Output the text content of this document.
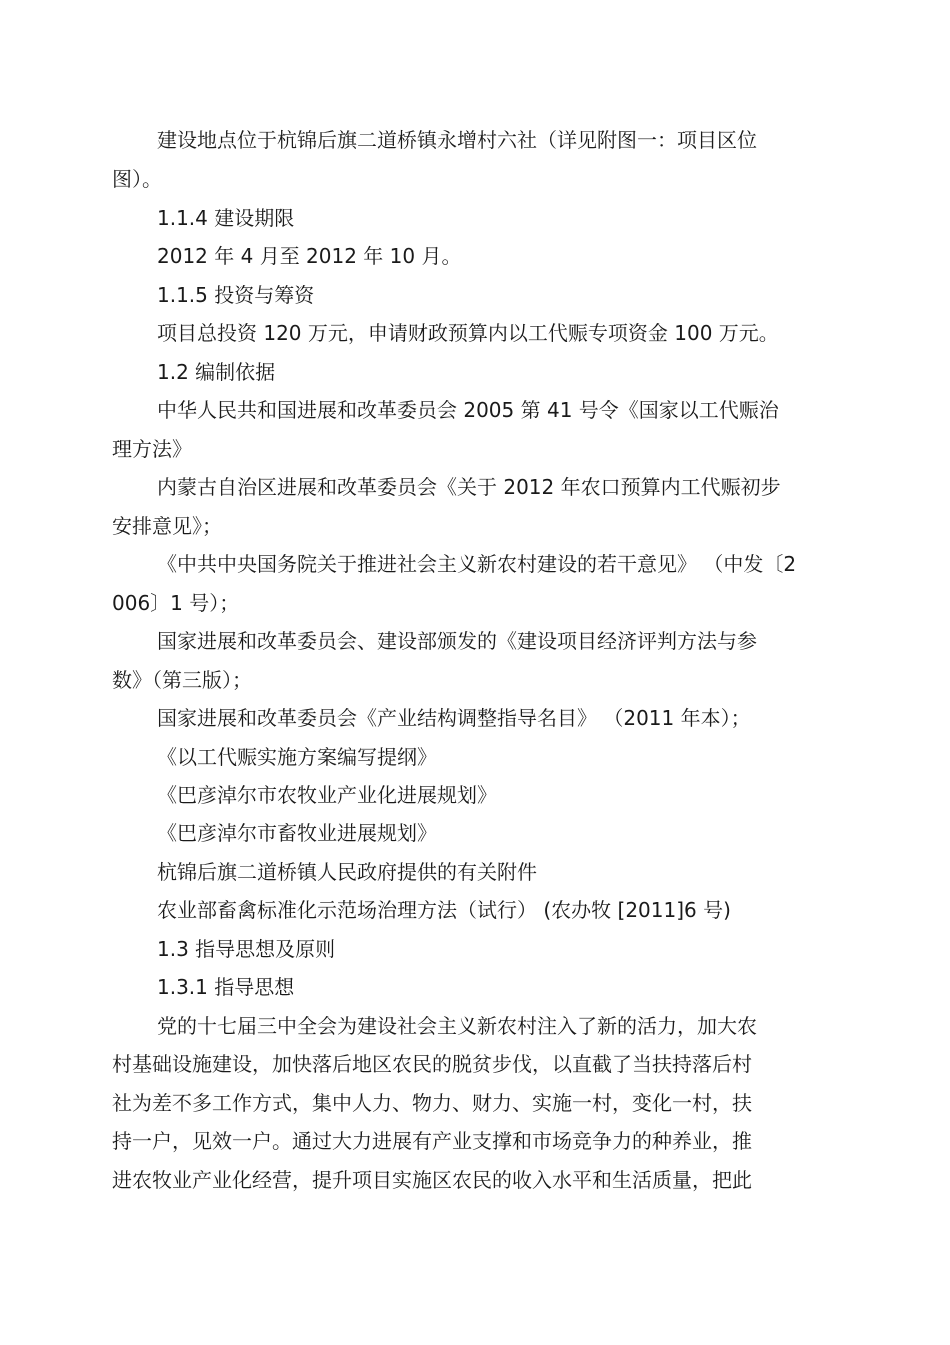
建设地点位于杭锦后旗二道桥镇永增村六社（详见附图一：项目区位
图）。
1.1.4 建设期限
2012 年 4 月至 2012 年 10 月。
1.1.5 投资与筹资
项目总投资 120 万元，申请财政预算内以工代赈专项资金 100 万元。
1.2 编制依据
中华人民共和国进展和改革委员会 2005 第 41 号令《国家以工代赈治
理方法》
内蒙古自治区进展和改革委员会《关于 2012 年农口预算内工代赈初步
安排意见》；
《中共中央国务院关于推进社会主义新农村建设的若干意见》 （中发〔2
006〕1 号）；
国家进展和改革委员会、建设部颁发的《建设项目经济评判方法与参
数》（第三版）；
国家进展和改革委员会《产业结构调整指导名目》 （2011 年本）；
《以工代赈实施方案编写提纲》
《巴彦淖尔市农牧业产业化进展规划》
《巴彦淖尔市畜牧业进展规划》
杭锦后旗二道桥镇人民政府提供的有关附件
农业部畜禽标准化示范场治理方法（试行） (农办牧 [2011]6 号)
1.3 指导思想及原则
1.3.1 指导思想
党的十七届三中全会为建设社会主义新农村注入了新的活力，加大农
村基础设施建设，加快落后地区农民的脱贫步伐，以直截了当扶持落后村
社为差不多工作方式，集中人力、物力、财力、实施一村，变化一村，扶
持一户，见效一户。通过大力进展有产业支撑和市场竞争力的种养业，推
进农牧业产业化经营，提升项目实施区农民的收入水平和生活质量，把此
